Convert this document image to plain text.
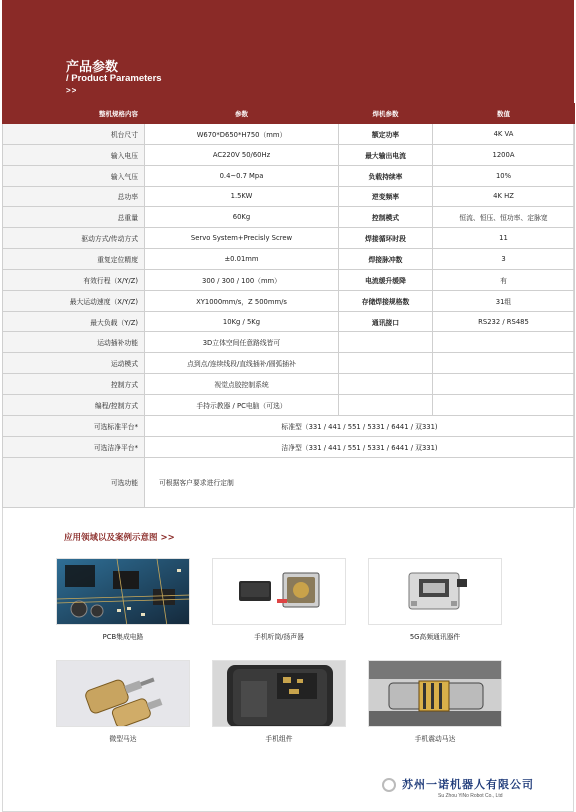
产品参数
/ Product Parameters
>>
整机规格内容	参数	焊机参数	数值
机台尺寸	W670*D650*H750（mm）	额定功率	4K VA
输入电压	AC220V 50/60Hz	最大输出电流	1200A
输入气压	0.4~0.7 Mpa	负载持续率	10%
总功率	1.5KW	逆变频率	4K HZ
总重量	60Kg	控制模式	恒流、恒压、恒功率、定脉宽
驱动方式/传动方式	Servo System+Precisly Screw	焊接循环时段	11
重复定位精度	±0.01mm	焊接脉冲数	3
有效行程（X/Y/Z)	300 / 300 / 100（mm）	电流缓升缓降	有
最大运动速度（X/Y/Z)	XY1000mm/s，Z 500mm/s	存储焊接规格数	31组
最大负载（Y/Z)	10Kg / 5Kg	通讯接口	RS232 / RS485
运动插补功能	3D立体空间任意路线皆可		
运动模式	点到点/连续线段/直线插补/圆弧插补		
控制方式	视觉点胶控制系统		
编程/控制方式	手持示教器 / PC电脑（可选）		
可选标准平台*	标准型（331 / 441 / 551 / 5331 / 6441 / 双331)		
可选洁净平台*	洁净型（331 / 441 / 551 / 5331 / 6441 / 双331)		
可选功能	可根据客户要求进行定制		
应用领域以及案例示意图 >>
PCB集成电路	手机听筒/扬声器	5G高频通讯器件
微型马达	手机组件	手机震动马达
苏州一诺机器人有限公司
Su Zhou YiNo Robot Co., Ltd
